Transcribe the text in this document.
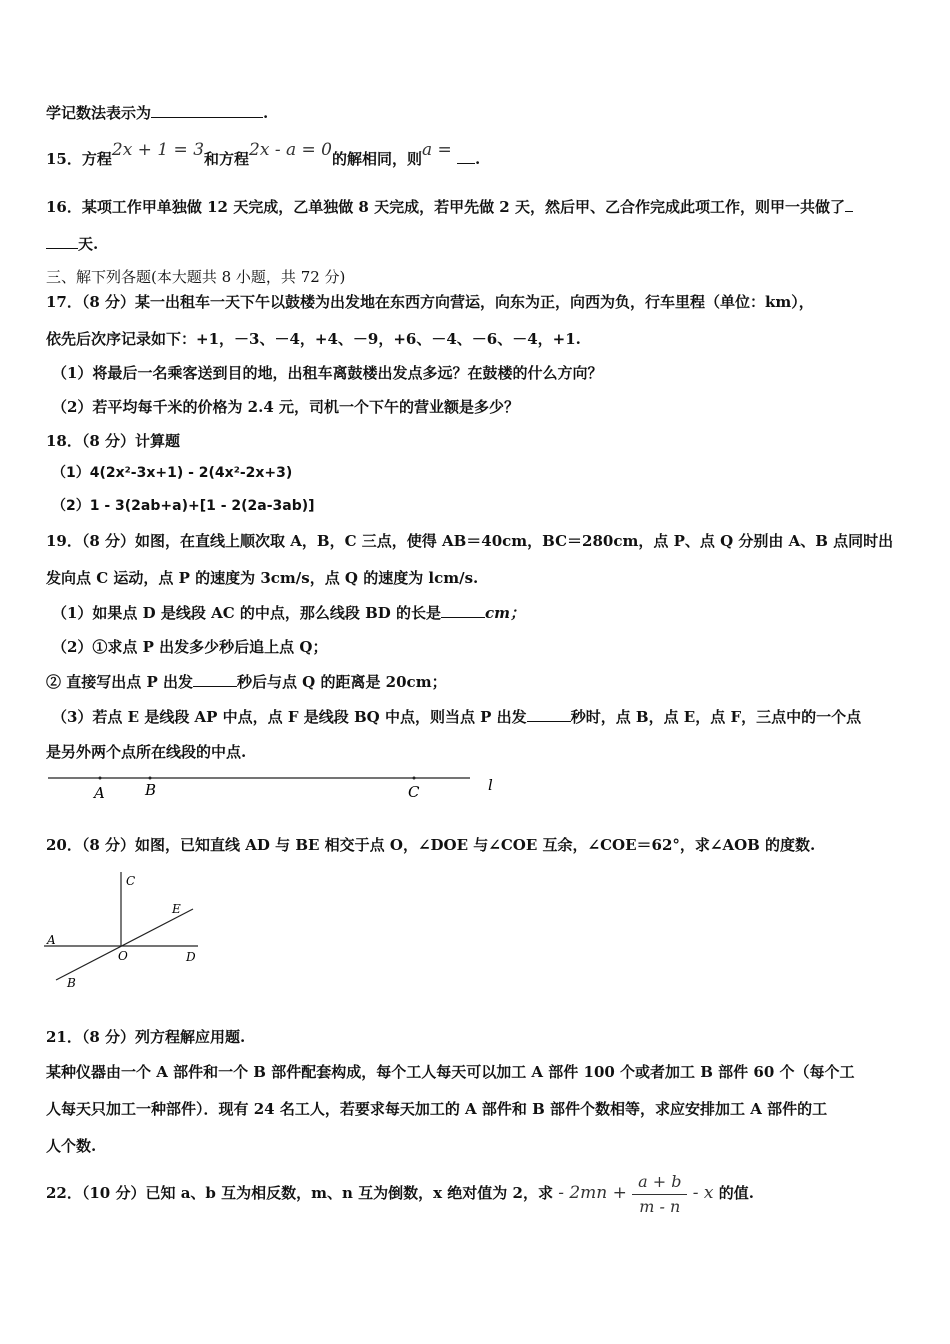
学记数法表示为	.
15．方程2x + 1 = 3和方程2x - a = 0的解相同，则a = .
16．某项工作甲单独做 12 天完成，乙单独做 8 天完成，若甲先做 2 天，然后甲、乙合作完成此项工作，则甲一共做了
天.
三、解下列各题(本大题共 8 小题，共 72 分)
17．（8 分）某一出租车一天下午以鼓楼为出发地在东西方向营运，向东为正，向西为负，行车里程（单位：km），
依先后次序记录如下：+1，－3、－4，+4、－9，+6、－4、－6、－4，+1.
（1）将最后一名乘客送到目的地，出租车离鼓楼出发点多远？在鼓楼的什么方向？
（2）若平均每千米的价格为 2.4 元，司机一个下午的营业额是多少？
18．（8 分）计算题
（1）4(2x²-3x+1) - 2(4x²-2x+3)
（2）1 - 3(2ab+a)+[1 - 2(2a-3ab)]
19．（8 分）如图，在直线上顺次取 A，B，C 三点，使得 AB＝40cm，BC＝280cm，点 P、点 Q 分别由 A、B 点同时出
发向点 C 运动，点 P 的速度为 3cm/s，点 Q 的速度为 lcm/s.
（1）如果点 D 是线段 AC 的中点，那么线段 BD 的长是	cm；
（2）①求点 P 出发多少秒后追上点 Q；
② 直接写出点 P 出发	秒后与点 Q 的距离是 20cm；
（3）若点 E 是线段 AP 中点，点 F 是线段 BQ 中点，则当点 P 出发	秒时，点 B，点 E，点 F，三点中的一个点
是另外两个点所在线段的中点.
A	B	C	l
20．（8 分）如图，已知直线 AD 与 BE 相交于点 O，∠DOE 与∠COE 互余，∠COE＝62°，求∠AOB 的度数.
C
E
A
O	D
B
21．（8 分）列方程解应用题.
某种仪器由一个 A 部件和一个 B 部件配套构成，每个工人每天可以加工 A 部件 100 个或者加工 B 部件 60 个（每个工
人每天只加工一种部件）．现有 24 名工人，若要求每天加工的 A 部件和 B 部件个数相等，求应安排加工 A 部件的工
人个数.
22．（10 分）已知 a、b 互为相反数，m、n 互为倒数，x 绝对值为 2，求 - $2mn + \frac{a + b}{m - n} - x$ 的值.
